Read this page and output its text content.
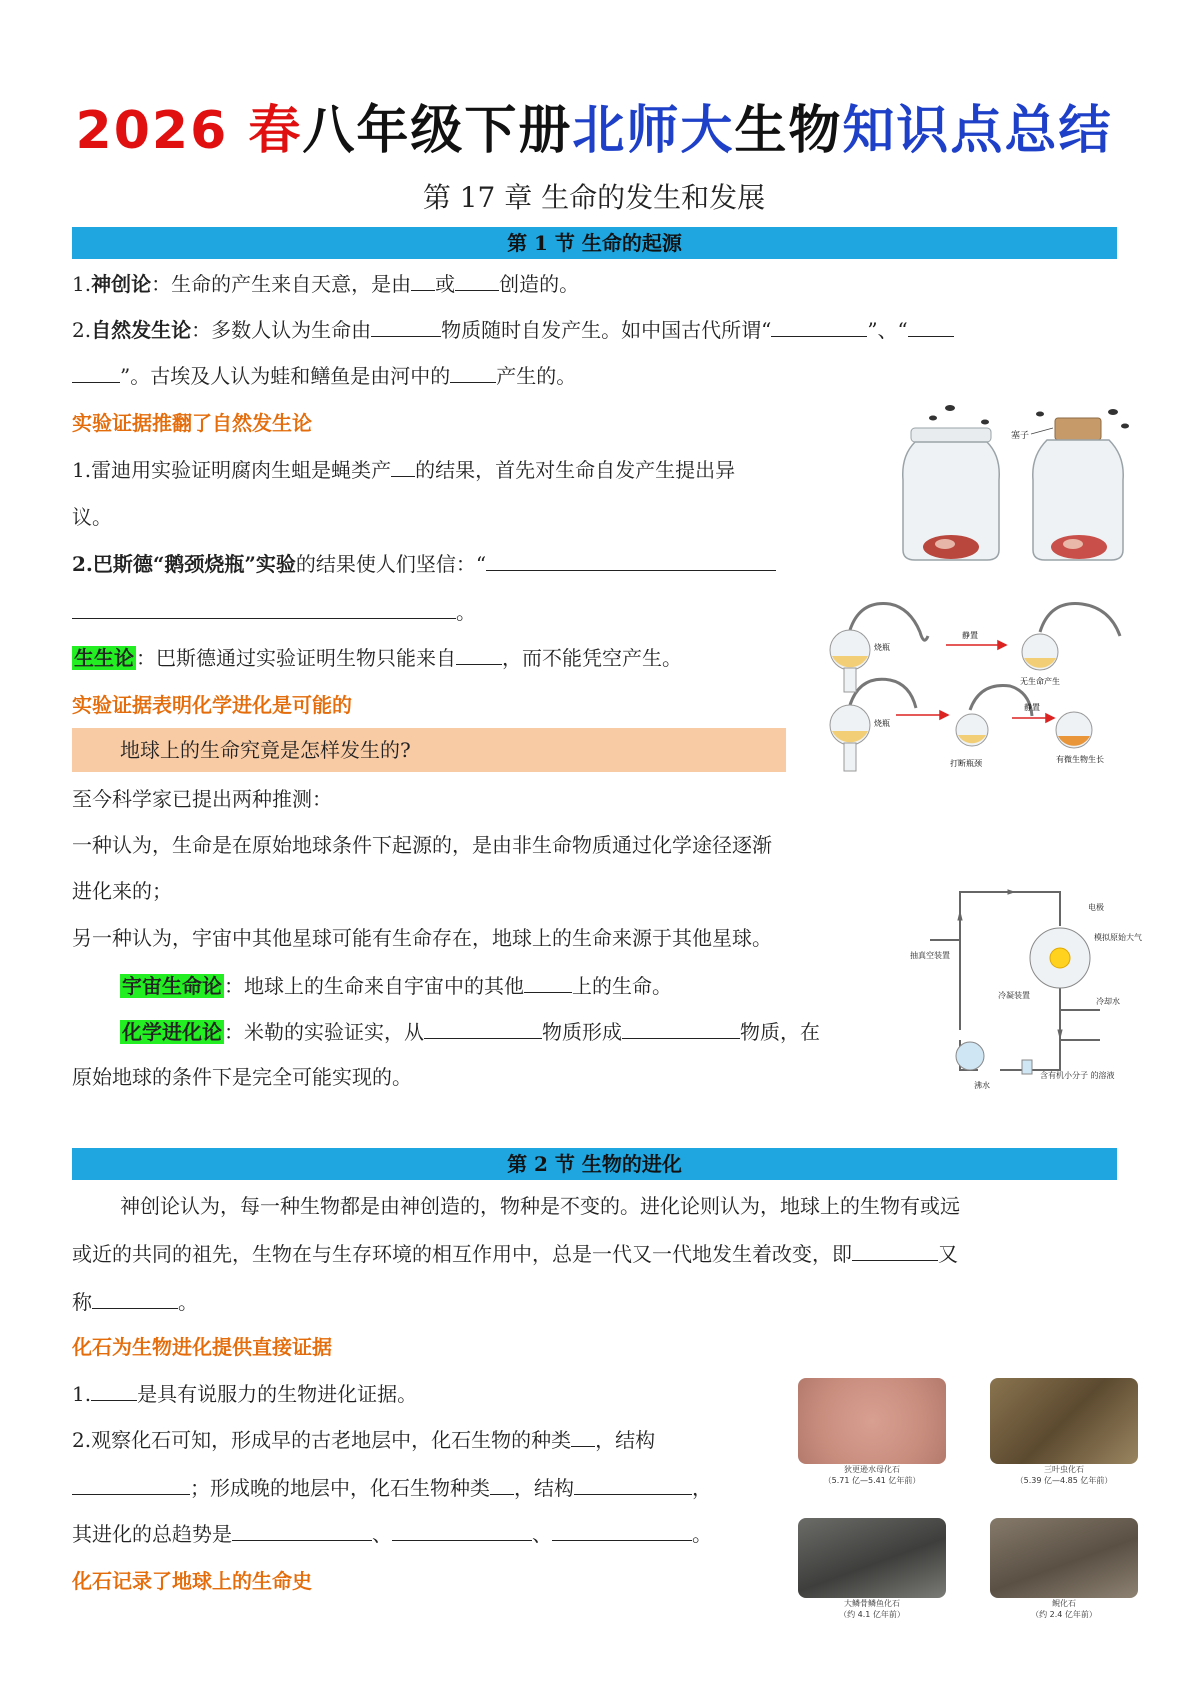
2026 春八年级下册北师大生物知识点总结
第 17 章 生命的发生和发展
第 1 节 生命的起源
1.神创论：生命的产生来自天意，是由 或 创造的。
2.自然发生论：多数人认为生命由	物质随时自发产生。如中国古代所谓“	”、“
”。古埃及人认为蛙和鳝鱼是由河中的 产生的。
实验证据推翻了自然发生论
1.雷迪用实验证明腐肉生蛆是蝇类产 的结果，首先对生命自发产生提出异
议。
2.巴斯德“鹅颈烧瓶”实验的结果使人们坚信：“
。
生生论 ：巴斯德通过实验证明生物只能来自 ，而不能凭空产生。
实验证据表明化学进化是可能的
地球上的生命究竟是怎样发生的?
至今科学家已提出两种推测：
一种认为，生命是在原始地球条件下起源的，是由非生命物质通过化学途径逐渐
进化来的；
另一种认为，宇宙中其他星球可能有生命存在，地球上的生命来源于其他星球。
宇宙生命论 ：地球上的生命来自宇宙中的其他 上的生命。
化学进化论 ：米勒的实验证实，从	物质形成	物质，在
原始地球的条件下是完全可能实现的。
塞子
烧瓶
无生命产生
烧瓶
打断瓶颈	有微生物生长
静置
静置
电极
模拟原始大气
抽真空装置
冷凝装置
冷却水
沸水
含有机小分子 的溶液
第 2 节 生物的进化
神创论认为，每一种生物都是由神创造的，物种是不变的。进化论则认为，地球上的生物有或远
或近的共同的祖先，生物在与生存环境的相互作用中，总是一代又一代地发生着改变，即	又
称	。
化石为生物进化提供直接证据
1. 是具有说服力的生物进化证据。
2.观察化石可知，形成早的古老地层中，化石生物的种类 ，结构
；形成晚的地层中，化石生物种类 ，结构	，
其进化的总趋势是	、	、	。
化石记录了地球上的生命史
狄更逊水母化石
（5.71 亿—5.41 亿年前）
三叶虫化石
（5.39 亿—4.85 亿年前）
大鳞骨鳞鱼化石
（约 4.1 亿年前）
鲵化石
（约 2.4 亿年前）
